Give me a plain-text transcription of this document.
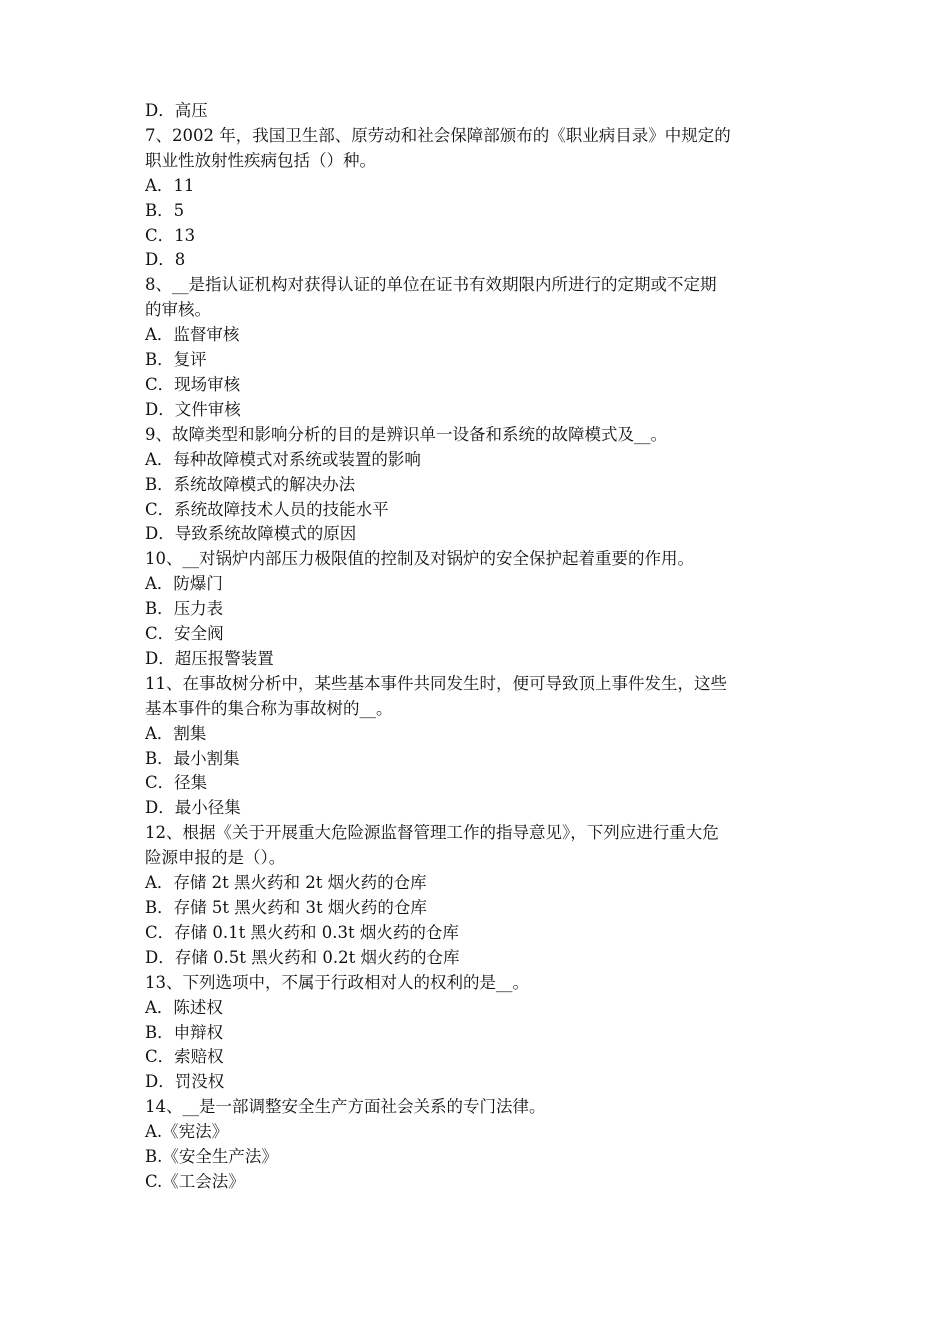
D．高压
7、2002 年，我国卫生部、原劳动和社会保障部颁布的《职业病目录》中规定的
职业性放射性疾病包括（）种。
A．11
B．5
C．13
D．8
8、__是指认证机构对获得认证的单位在证书有效期限内所进行的定期或不定期
的审核。
A．监督审核
B．复评
C．现场审核
D．文件审核
9、故障类型和影响分析的目的是辨识单一设备和系统的故障模式及__。
A．每种故障模式对系统或装置的影响
B．系统故障模式的解决办法
C．系统故障技术人员的技能水平
D．导致系统故障模式的原因
10、__对锅炉内部压力极限值的控制及对锅炉的安全保护起着重要的作用。
A．防爆门
B．压力表
C．安全阀
D．超压报警装置
11、在事故树分析中，某些基本事件共同发生时，便可导致顶上事件发生，这些
基本事件的集合称为事故树的__。
A．割集
B．最小割集
C．径集
D．最小径集
12、根据《关于开展重大危险源监督管理工作的指导意见》，下列应进行重大危
险源申报的是（）。
A．存储 2t 黑火药和 2t 烟火药的仓库
B．存储 5t 黑火药和 3t 烟火药的仓库
C．存储 0.1t 黑火药和 0.3t 烟火药的仓库
D．存储 0.5t 黑火药和 0.2t 烟火药的仓库
13、下列选项中，不属于行政相对人的权利的是__。
A．陈述权
B．申辩权
C．索赔权
D．罚没权
14、__是一部调整安全生产方面社会关系的专门法律。
A.《宪法》
B.《安全生产法》
C.《工会法》
